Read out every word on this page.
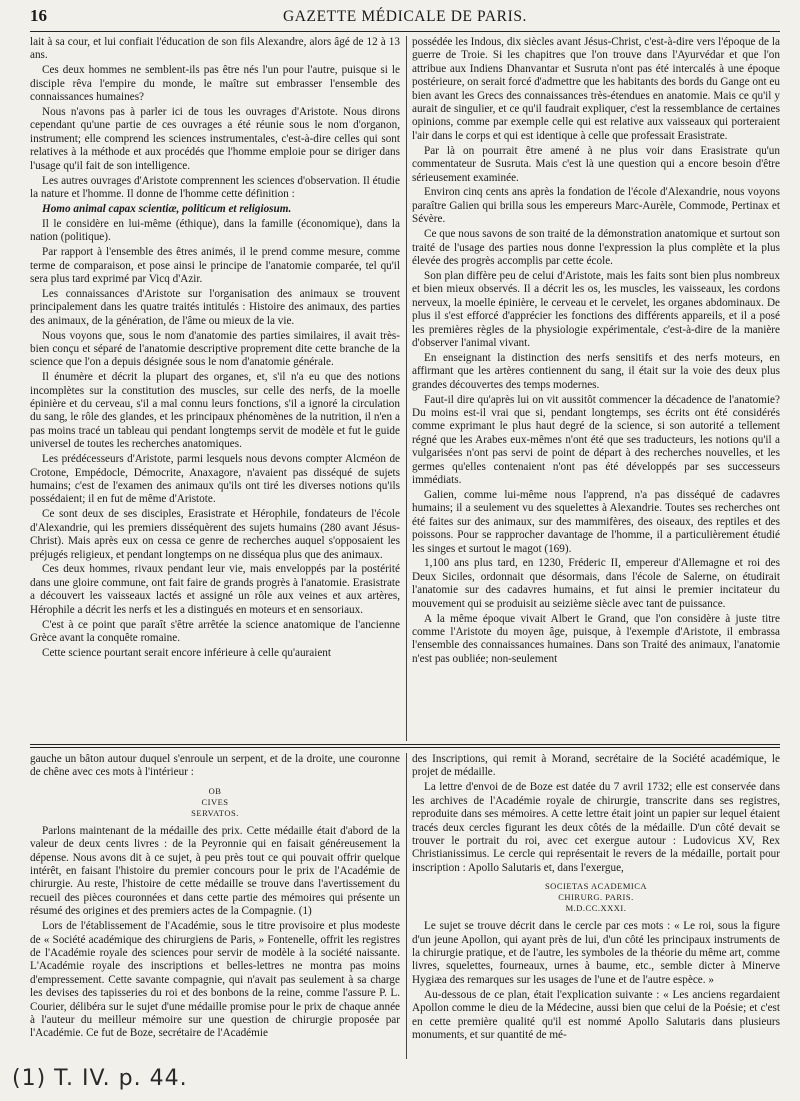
16	GAZETTE MÉDICALE DE PARIS.

lait à sa cour, et lui confiait l'éducation de son fils Alexandre, alors âgé de 12 à 13 ans.

Ces deux hommes ne semblent-ils pas être nés l'un pour l'autre, puisque si le disciple rêva l'empire du monde, le maître sut embrasser l'ensemble des connaissances humaines?

Nous n'avons pas à parler ici de tous les ouvrages d'Aristote. Nous dirons cependant qu'une partie de ces ouvrages a été réunie sous le nom d'organon, instrument; elle comprend les sciences instrumentales, c'est-à-dire celles qui sont relatives à la méthode et aux procédés que l'homme emploie pour se diriger dans l'usage qu'il fait de son intelligence.

Les autres ouvrages d'Aristote comprennent les sciences d'observation. Il étudie la nature et l'homme. Il donne de l'homme cette définition :

Homo animal capax scientiæ, politicum et religiosum.

Il le considère en lui-même (éthique), dans la famille (économique), dans la nation (politique).

Par rapport à l'ensemble des êtres animés, il le prend comme mesure, comme terme de comparaison, et pose ainsi le principe de l'anatomie comparée, tel qu'il sera plus tard exprimé par Vicq d'Azir.

Les connaissances d'Aristote sur l'organisation des animaux se trouvent principalement dans les quatre traités intitulés : Histoire des animaux, des parties des animaux, de la génération, de l'âme ou mieux de la vie.

Nous voyons que, sous le nom d'anatomie des parties similaires, il avait très-bien conçu et séparé de l'anatomie descriptive proprement dite cette branche de la science que l'on a depuis désignée sous le nom d'anatomie générale.

Il énumère et décrit la plupart des organes, et, s'il n'a eu que des notions incomplètes sur la constitution des muscles, sur celle des nerfs, de la moelle épinière et du cerveau, s'il a mal connu leurs fonctions, s'il a ignoré la circulation du sang, le rôle des glandes, et les principaux phénomènes de la nutrition, il n'en a pas moins tracé un tableau qui pendant longtemps servit de modèle et fut le guide universel de toutes les recherches anatomiques.

Les prédécesseurs d'Aristote, parmi lesquels nous devons compter Alcméon de Crotone, Empédocle, Démocrite, Anaxagore, n'avaient pas disséqué de sujets humains; c'est de l'examen des animaux qu'ils ont tiré les diverses notions qu'ils possédaient; il en fut de même d'Aristote.

Ce sont deux de ses disciples, Erasistrate et Hérophile, fondateurs de l'école d'Alexandrie, qui les premiers disséquèrent des sujets humains (280 avant Jésus-Christ). Mais après eux on cessa ce genre de recherches auquel s'opposaient les préjugés religieux, et pendant longtemps on ne disséqua plus que des animaux.

Ces deux hommes, rivaux pendant leur vie, mais enveloppés par la postérité dans une gloire commune, ont fait faire de grands progrès à l'anatomie. Erasistrate a découvert les vaisseaux lactés et assigné un rôle aux veines et aux artères, Hérophile a décrit les nerfs et les a distingués en moteurs et en sensoriaux.

C'est à ce point que paraît s'être arrêtée la science anatomique de l'ancienne Grèce avant la conquête romaine.

Cette science pourtant serait encore inférieure à celle qu'auraient

possédée les Indous, dix siècles avant Jésus-Christ, c'est-à-dire vers l'époque de la guerre de Troie. Si les chapitres que l'on trouve dans l'Ayurvédar et que l'on attribue aux Indiens Dhanvantar et Susruta n'ont pas été intercalés à une époque postérieure, on serait forcé d'admettre que les habitants des bords du Gange ont eu bien avant les Grecs des connaissances très-étendues en anatomie. Mais ce qu'il y aurait de singulier, et ce qu'il faudrait expliquer, c'est la ressemblance de certaines opinions, comme par exemple celle qui est relative aux vaisseaux qui porteraient l'air dans le corps et qui est identique à celle que professait Erasistrate.

Par là on pourrait être amené à ne plus voir dans Erasistrate qu'un commentateur de Susruta. Mais c'est là une question qui a encore besoin d'être sérieusement examinée.

Environ cinq cents ans après la fondation de l'école d'Alexandrie, nous voyons paraître Galien qui brilla sous les empereurs Marc-Aurèle, Commode, Pertinax et Sévère.

Ce que nous savons de son traité de la démonstration anatomique et surtout son traité de l'usage des parties nous donne l'expression la plus complète et la plus élevée des progrès accomplis par cette école.

Son plan diffère peu de celui d'Aristote, mais les faits sont bien plus nombreux et bien mieux observés. Il a décrit les os, les muscles, les vaisseaux, les cordons nerveux, la moelle épinière, le cerveau et le cervelet, les organes abdominaux. De plus il s'est efforcé d'apprécier les fonctions des différents appareils, et il a posé les premières règles de la physiologie expérimentale, c'est-à-dire de la manière d'observer l'animal vivant.

En enseignant la distinction des nerfs sensitifs et des nerfs moteurs, en affirmant que les artères contiennent du sang, il était sur la voie des deux plus grandes découvertes des temps modernes.

Faut-il dire qu'après lui on vit aussitôt commencer la décadence de l'anatomie? Du moins est-il vrai que si, pendant longtemps, ses écrits ont été considérés comme exprimant le plus haut degré de la science, si son autorité a tellement régné que les Arabes eux-mêmes n'ont été que ses traducteurs, les notions qu'il a vulgarisées n'ont pas servi de point de départ à des recherches nouvelles, et les germes qu'elles contenaient n'ont pas été développés par ses successeurs immédiats.

Galien, comme lui-même nous l'apprend, n'a pas disséqué de cadavres humains; il a seulement vu des squelettes à Alexandrie. Toutes ses recherches ont été faites sur des animaux, sur des mammifères, des oiseaux, des reptiles et des poissons. Pour se rapprocher davantage de l'homme, il a particulièrement étudié les singes et surtout le magot (169).

1,100 ans plus tard, en 1230, Fréderic II, empereur d'Allemagne et roi des Deux Siciles, ordonnait que désormais, dans l'école de Salerne, on étudirait l'anatomie sur des cadavres humains, et fut ainsi le premier incitateur du mouvement qui se produisit au seizième siècle avec tant de puissance.

A la même époque vivait Albert le Grand, que l'on considère à juste titre comme l'Aristote du moyen âge, puisque, à l'exemple d'Aristote, il embrassa l'ensemble des connaissances humaines. Dans son Traité des animaux, l'anatomie n'est pas oubliée; non-seulement

gauche un bâton autour duquel s'enroule un serpent, et de la droite, une couronne de chêne avec ces mots à l'intérieur :

OB
CIVES
SERVATOS.

Parlons maintenant de la médaille des prix. Cette médaille était d'abord de la valeur de deux cents livres : de la Peyronnie qui en faisait généreusement la dépense. Nous avons dit à ce sujet, à peu près tout ce qui pouvait offrir quelque intérêt, en faisant l'histoire du premier concours pour le prix de l'Académie de chirurgie. Au reste, l'histoire de cette médaille se trouve dans l'avertissement du recueil des pièces couronnées et dans cette partie des mémoires qui présente un résumé des origines et des premiers actes de la Compagnie. (1)

Lors de l'établissement de l'Académie, sous le titre provisoire et plus modeste de « Société académique des chirurgiens de Paris, » Fontenelle, offrit les registres de l'Académie royale des sciences pour servir de modèle à la société naissante. L'Académie royale des inscriptions et belles-lettres ne montra pas moins d'empressement. Cette savante compagnie, qui n'avait pas seulement à sa charge les devises des tapisseries du roi et des bonbons de la reine, comme l'assure P. L. Courier, délibéra sur le sujet d'une médaille promise pour le prix de chaque année à l'auteur du meilleur mémoire sur une question de chirurgie proposée par l'Académie. Ce fut de Boze, secrétaire de l'Académie

des Inscriptions, qui remit à Morand, secrétaire de la Société académique, le projet de médaille.

La lettre d'envoi de de Boze est datée du 7 avril 1732; elle est conservée dans les archives de l'Académie royale de chirurgie, transcrite dans ses registres, reproduite dans ses mémoires. A cette lettre était joint un papier sur lequel étaient tracés deux cercles figurant les deux côtés de la médaille. D'un côté devait se trouver le portrait du roi, avec cet exergue autour : Ludovicus XV, Rex Christianissimus. Le cercle qui représentait le revers de la médaille, portait pour inscription : Apollo Salutaris et, dans l'exergue,

SOCIETAS ACADEMICA
CHIRURG. PARIS.
M.D.CC.XXXI.

Le sujet se trouve décrit dans le cercle par ces mots : « Le roi, sous la figure d'un jeune Apollon, qui ayant près de lui, d'un côté les principaux instruments de la chirurgie pratique, et de l'autre, les symboles de la théorie du même art, comme livres, squelettes, fourneaux, urnes à baume, etc., semble dicter à Minerve Hygiæa des remarques sur les usages de l'une et de l'autre espèce. »

Au-dessous de ce plan, était l'explication suivante : « Les anciens regardaient Apollon comme le dieu de la Médecine, aussi bien que celui de la Poésie; et c'est en cette première qualité qu'il est nommé Apollo Salutaris dans plusieurs monuments, et sur quantité de mé-

(1) T. IV. p. 44.
